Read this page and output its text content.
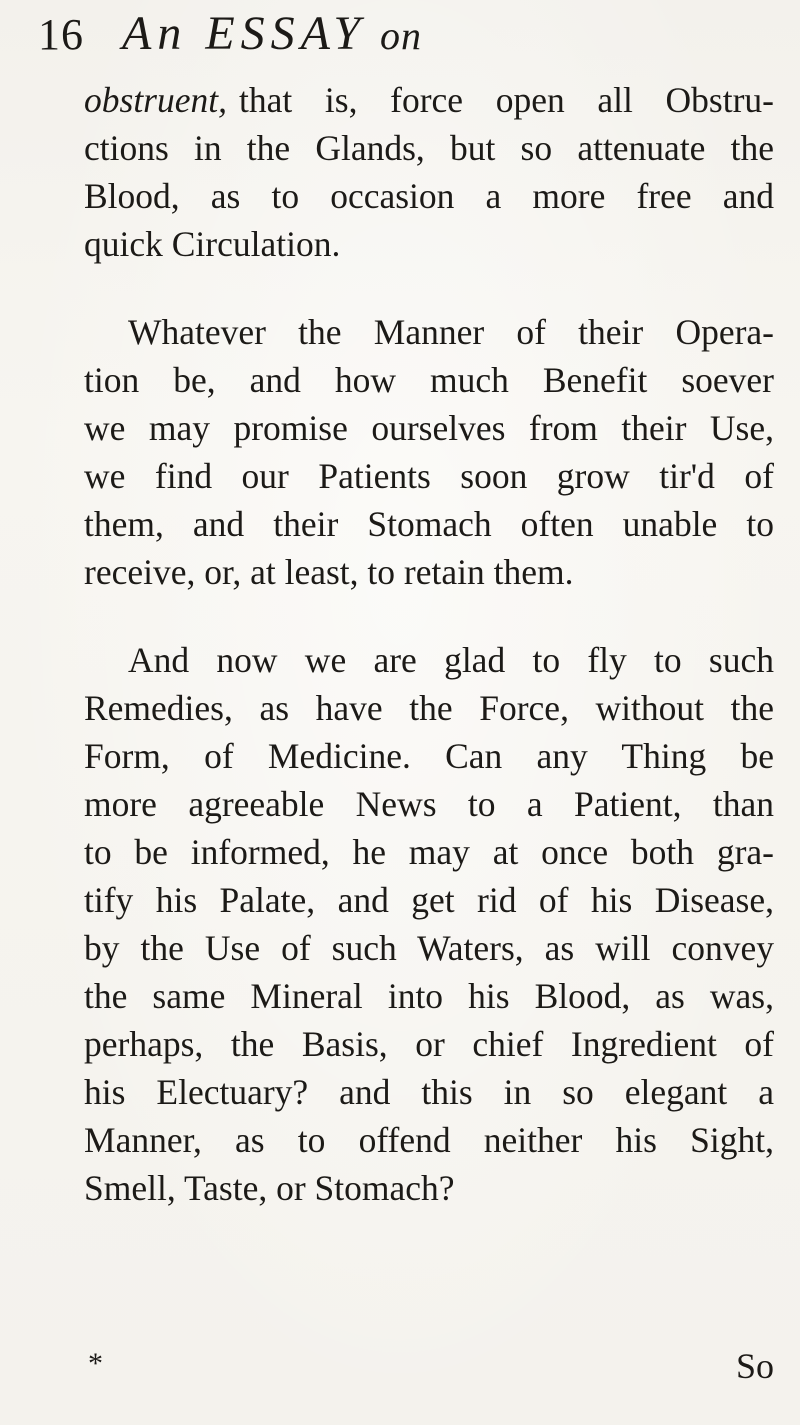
16 An ESSAY on
obstruent, that is, force open all Obstru-
ctions in the Glands, but so attenuate the
Blood, as to occasion a more free and
quick Circulation.
Whatever the Manner of their Opera-
tion be, and how much Benefit soever
we may promise ourselves from their Use,
we find our Patients soon grow tir'd of
them, and their Stomach often unable to
receive, or, at least, to retain them.
And now we are glad to fly to such
Remedies, as have the Force, without the
Form, of Medicine. Can any Thing be
more agreeable News to a Patient, than
to be informed, he may at once both gra-
tify his Palate, and get rid of his Disease,
by the Use of such Waters, as will convey
the same Mineral into his Blood, as was,
perhaps, the Basis, or chief Ingredient of
his Electuary? and this in so elegant a
Manner, as to offend neither his Sight,
Smell, Taste, or Stomach?
*	So
